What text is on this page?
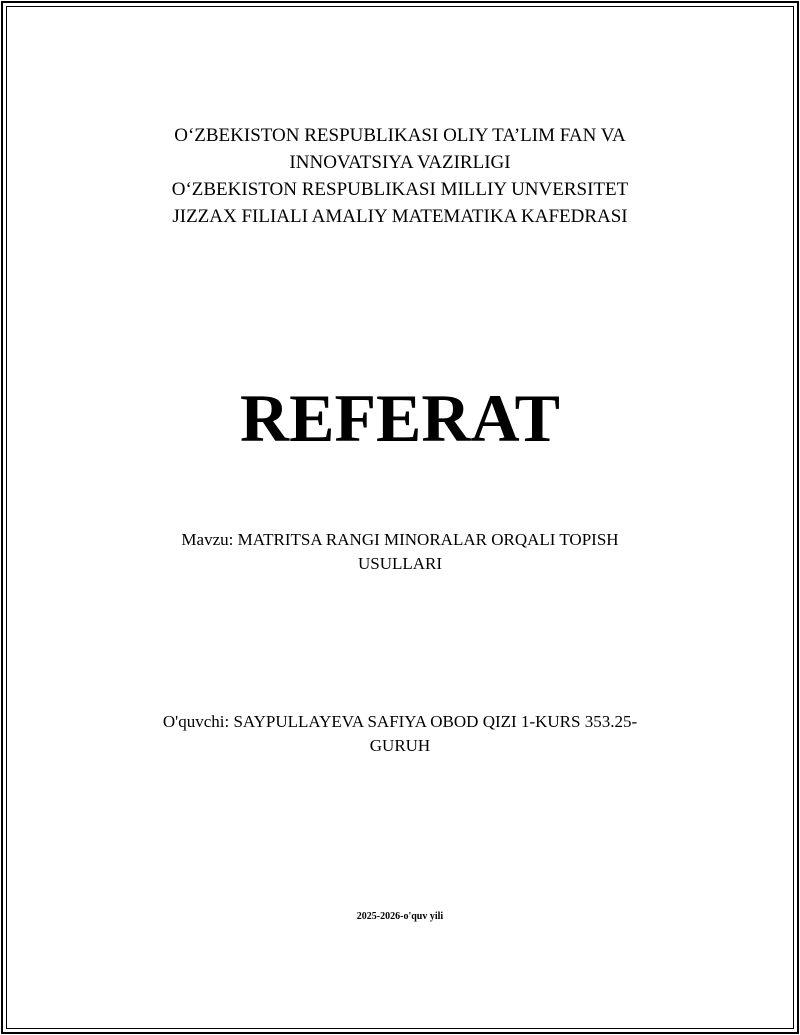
O‘ZBEKISTON RESPUBLIKASI OLIY TA’LIM FAN VA
INNOVATSIYA VAZIRLIGI
O‘ZBEKISTON RESPUBLIKASI MILLIY UNVERSITET
JIZZAX FILIALI AMALIY MATEMATIKA KAFEDRASI
REFERAT
Mavzu: MATRITSA RANGI MINORALAR ORQALI TOPISH
USULLARI
O'quvchi: SAYPULLAYEVA SAFIYA OBOD QIZI 1-KURS 353.25-
GURUH
2025-2026-o'quv yili
